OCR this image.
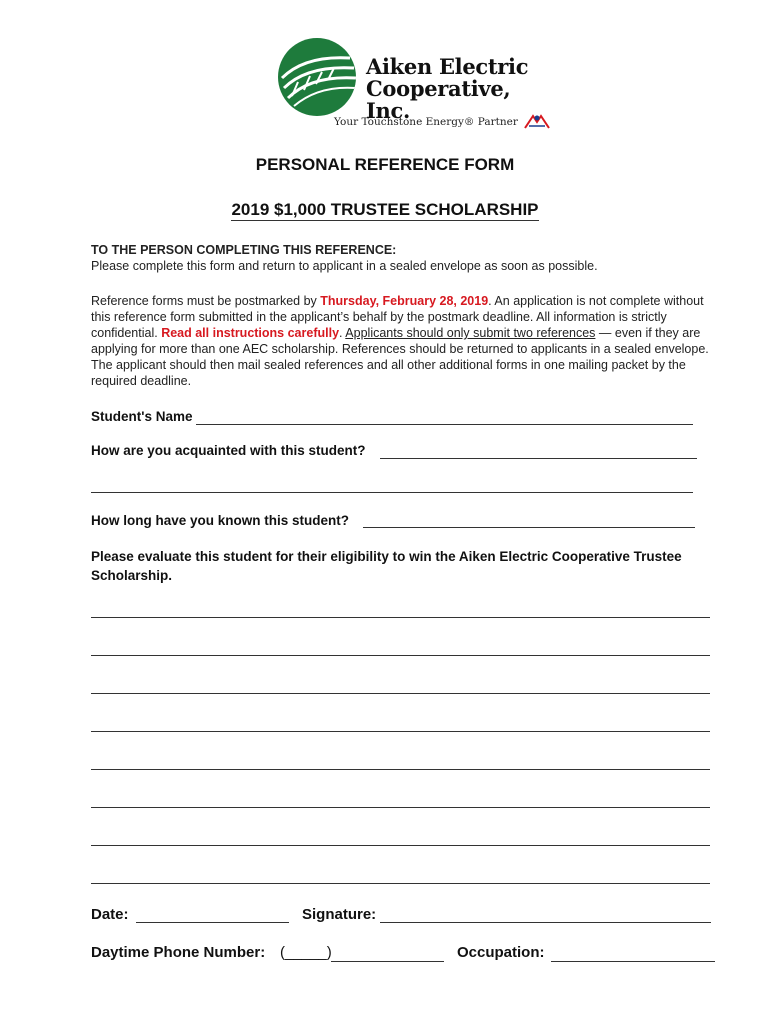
Aiken Electric
Cooperative, Inc.
Your Touchstone Energy® Partner
PERSONAL REFERENCE FORM
2019 $1,000 TRUSTEE SCHOLARSHIP
TO THE PERSON COMPLETING THIS REFERENCE:
Please complete this form and return to applicant in a sealed envelope as soon as possible.
Reference forms must be postmarked by Thursday, February 28, 2019. An application is not complete without this reference form submitted in the applicant’s behalf by the postmark deadline. All information is strictly confidential. Read all instructions carefully. Applicants should only submit two references — even if they are applying for more than one AEC scholarship. References should be returned to applicants in a sealed envelope. The applicant should then mail sealed references and all other additional forms in one mailing packet by the required deadline.
Student's Name
How are you acquainted with this student?
How long have you known this student?
Please evaluate this student for their eligibility to win the Aiken Electric Cooperative Trustee Scholarship.
Date:	Signature:
Daytime Phone Number: (_____)	Occupation:
